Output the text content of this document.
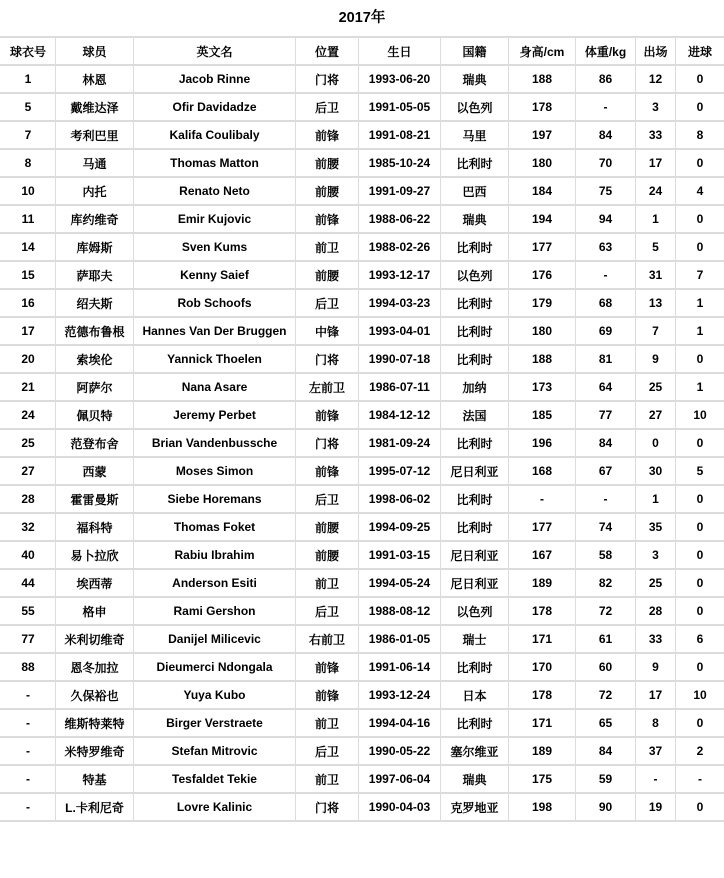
2017年
球衣号	球员	英文名	位置	生日	国籍	身高/cm	体重/kg	出场	进球
1	林恩	Jacob Rinne	门将	1993-06-20	瑞典	188	86	12	0
5	戴维达泽	Ofir Davidadze	后卫	1991-05-05	以色列	178	-	3	0
7	考利巴里	Kalifa Coulibaly	前锋	1991-08-21	马里	197	84	33	8
8	马通	Thomas Matton	前腰	1985-10-24	比利时	180	70	17	0
10	内托	Renato Neto	前腰	1991-09-27	巴西	184	75	24	4
11	库约维奇	Emir Kujovic	前锋	1988-06-22	瑞典	194	94	1	0
14	库姆斯	Sven Kums	前卫	1988-02-26	比利时	177	63	5	0
15	萨耶夫	Kenny Saief	前腰	1993-12-17	以色列	176	-	31	7
16	绍夫斯	Rob Schoofs	后卫	1994-03-23	比利时	179	68	13	1
17	范德布鲁根	Hannes Van Der Bruggen	中锋	1993-04-01	比利时	180	69	7	1
20	索埃伦	Yannick Thoelen	门将	1990-07-18	比利时	188	81	9	0
21	阿萨尔	Nana Asare	左前卫	1986-07-11	加纳	173	64	25	1
24	佩贝特	Jeremy Perbet	前锋	1984-12-12	法国	185	77	27	10
25	范登布舍	Brian Vandenbussche	门将	1981-09-24	比利时	196	84	0	0
27	西蒙	Moses Simon	前锋	1995-07-12	尼日利亚	168	67	30	5
28	霍雷曼斯	Siebe Horemans	后卫	1998-06-02	比利时	-	-	1	0
32	福科特	Thomas Foket	前腰	1994-09-25	比利时	177	74	35	0
40	易卜拉欣	Rabiu Ibrahim	前腰	1991-03-15	尼日利亚	167	58	3	0
44	埃西蒂	Anderson Esiti	前卫	1994-05-24	尼日利亚	189	82	25	0
55	格申	Rami Gershon	后卫	1988-08-12	以色列	178	72	28	0
77	米利切维奇	Danijel Milicevic	右前卫	1986-01-05	瑞士	171	61	33	6
88	恩冬加拉	Dieumerci Ndongala	前锋	1991-06-14	比利时	170	60	9	0
-	久保裕也	Yuya Kubo	前锋	1993-12-24	日本	178	72	17	10
-	维斯特莱特	Birger Verstraete	前卫	1994-04-16	比利时	171	65	8	0
-	米特罗维奇	Stefan Mitrovic	后卫	1990-05-22	塞尔维亚	189	84	37	2
-	特基	Tesfaldet Tekie	前卫	1997-06-04	瑞典	175	59	-	-
-	L.卡利尼奇	Lovre Kalinic	门将	1990-04-03	克罗地亚	198	90	19	0
